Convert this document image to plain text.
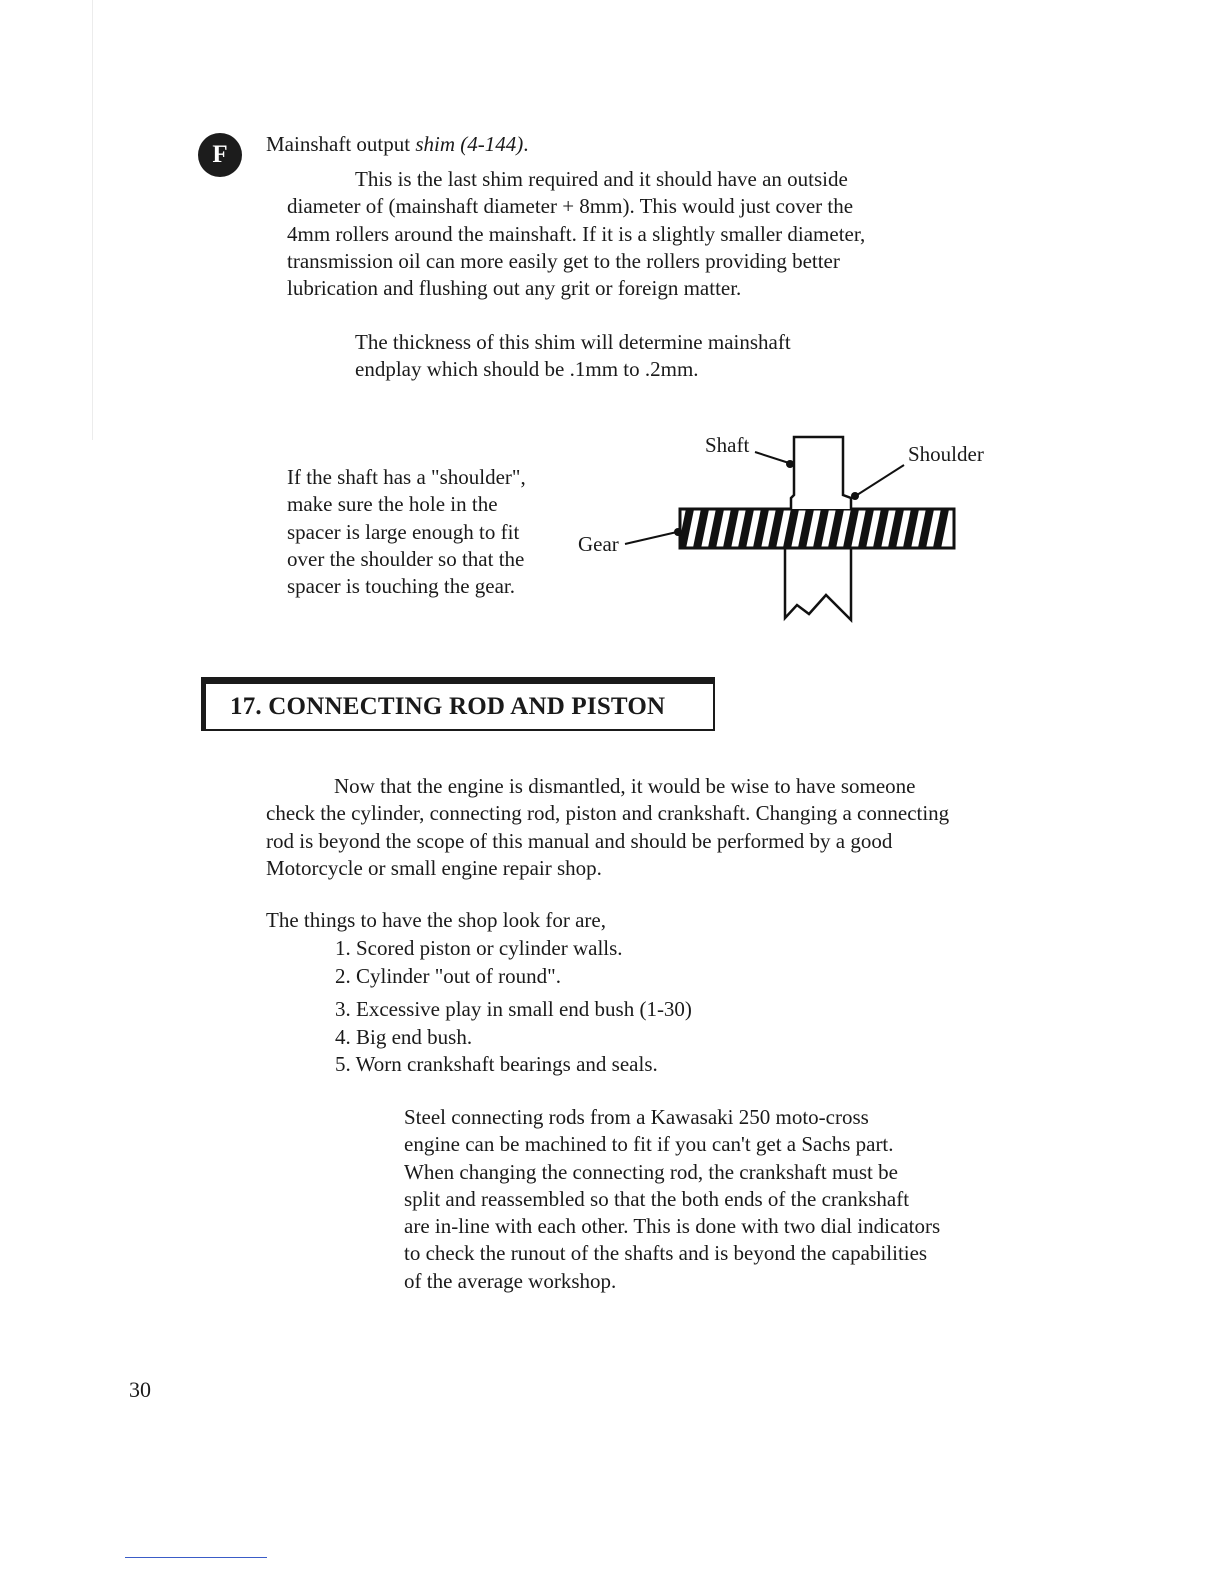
F	Mainshaft output shim (4-144).

This is the last shim required and it should have an outside
diameter of (mainshaft diameter + 8mm). This would just cover the
4mm rollers around the mainshaft. If it is a slightly smaller diameter,
transmission oil can more easily get to the rollers providing better
lubrication and flushing out any grit or foreign matter.

The thickness of this shim will determine mainshaft
endplay which should be .1mm to .2mm.

If the shaft has a "shoulder",
make sure the hole in the
spacer is large enough to fit
over the shoulder so that the
spacer is touching the gear.

Shaft	Shoulder
Gear
17. CONNECTING ROD AND PISTON

Now that the engine is dismantled, it would be wise to have someone
check the cylinder, connecting rod, piston and crankshaft. Changing a connecting
rod is beyond the scope of this manual and should be performed by a good
Motorcycle or small engine repair shop.

The things to have the shop look for are,

1. Scored piston or cylinder walls.
2. Cylinder "out of round".
3. Excessive play in small end bush (1-30)
4. Big end bush.
5. Worn crankshaft bearings and seals.

Steel connecting rods from a Kawasaki 250 moto-cross
engine can be machined to fit if you can't get a Sachs part.
When changing the connecting rod, the crankshaft must be
split and reassembled so that the both ends of the crankshaft
are in-line with each other. This is done with two dial indicators
to check the runout of the shafts and is beyond the capabilities
of the average workshop.

30
